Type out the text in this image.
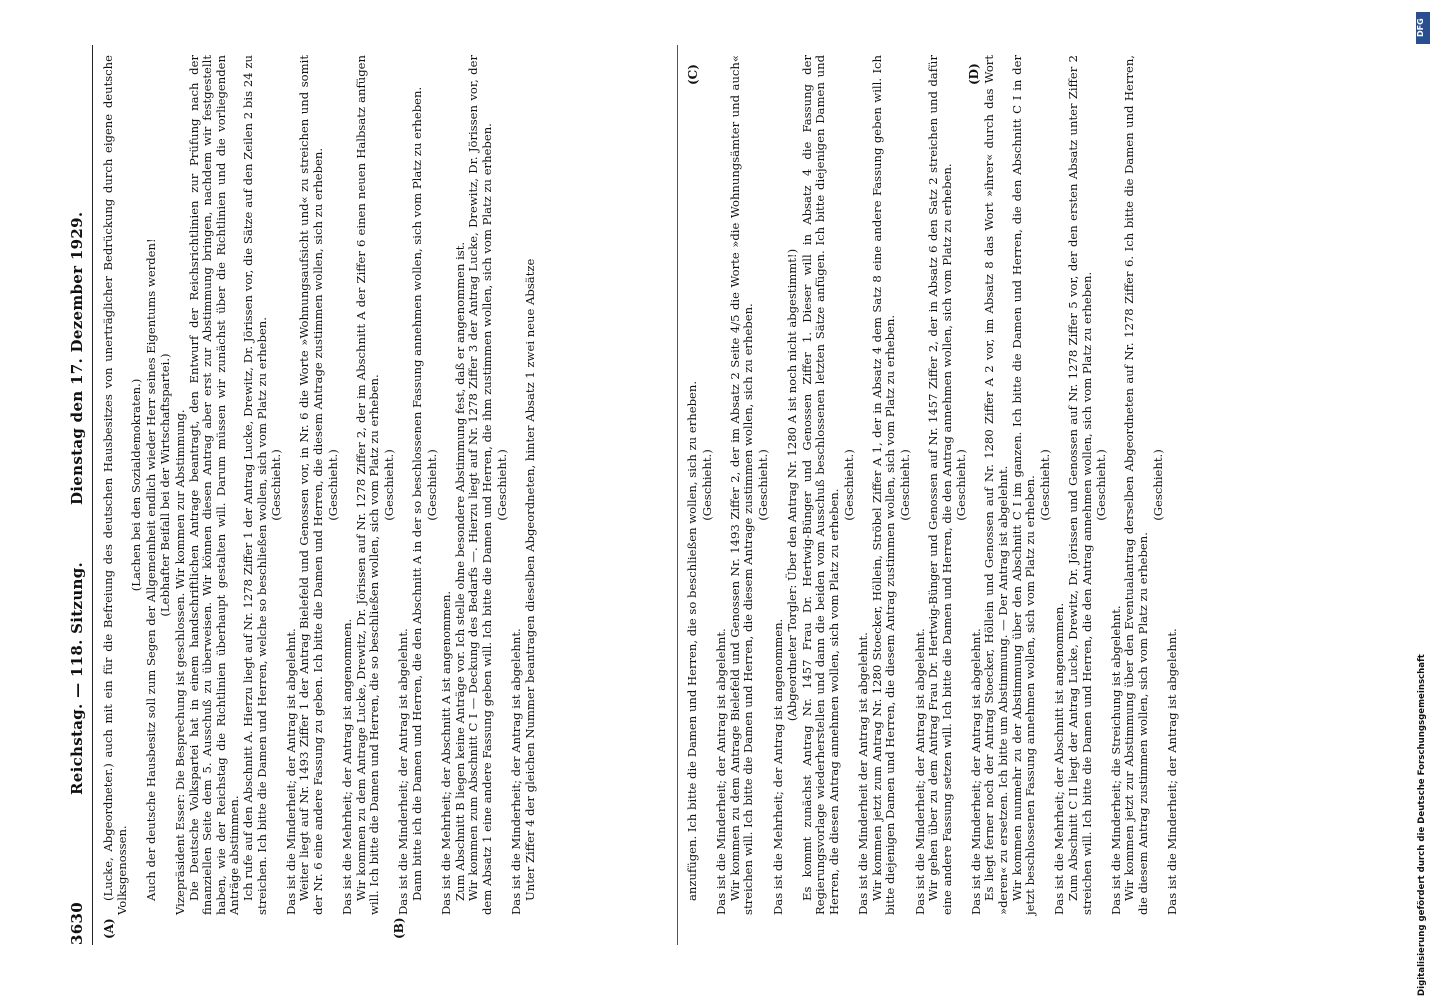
3630
Reichstag. — 118. Sitzung.
Dienstag den 17. Dezember 1929.
(A)	(B)
(C)	(D)

(Lucke, Abgeordneter.) auch mit ein für die Befreiung des deutschen Hausbesitzes von unerträglicher Bedrückung durch eigene deutsche Volksgenossen.

(Lachen bei den Sozialdemokraten.) Auch der deutsche Hausbesitz soll zum Segen der Allgemeinheit endlich wieder Herr seines Eigentums werden! (Lebhafter Beifall bei der Wirtschaftspartei.) Vizepräsident Esser: Die Besprechung ist geschlossen. Wir kommen zur Abstimmung. Die Deutsche Volkspartei hat in einem handschriftlichen Antrage beantragt, den Entwurf der Reichsrichtlinien zur Prüfung nach der finanziellen Seite dem 5. Ausschuß zu überweisen. Wir können diesen Antrag aber erst zur Abstimmung bringen, nachdem wir festgestellt haben, wie der Reichstag die Richtlinien überhaupt gestalten will. Darum müssen wir zunächst über die Richtlinien und die vorliegenden Anträge abstimmen. Ich rufe auf den Abschnitt A. Hierzu liegt auf Nr. 1278 Ziffer 1 der Antrag Lucke, Drewitz, Dr. Jörissen vor, die Sätze auf den Zeilen 2 bis 24 zu streichen. Ich bitte die Damen und Herren, welche so beschließen wollen, sich vom Platz zu erheben. (Geschieht.)

Das ist die Minderheit; der Antrag ist abgelehnt. Weiter liegt auf Nr. 1493 Ziffer 1 der Antrag Bielefeld und Genossen vor, in Nr. 6 die Worte »Wohnungsaufsicht und« zu streichen und somit der Nr. 6 eine andere Fassung zu geben. Ich bitte die Damen und Herren, die diesem Antrage zustimmen wollen, sich zu erheben. (Geschieht.)

Das ist die Mehrheit; der Antrag ist angenommen. Wir kommen zu dem Antrage Lucke, Drewitz, Dr. Jörissen auf Nr. 1278 Ziffer 2, der im Abschnitt A der Ziffer 6 einen neuen Halbsatz anfügen will. Ich bitte die Damen und Herren, die so beschließen wollen, sich vom Platz zu erheben. (Geschieht.)

Das ist die Minderheit; der Antrag ist abgelehnt. Dann bitte ich die Damen und Herren, die den Abschnitt A in der so beschlossenen Fassung annehmen wollen, sich vom Platz zu erheben. (Geschieht.)

Das ist die Mehrheit; der Abschnitt A ist angenommen. Zum Abschnitt B liegen keine Anträge vor. Ich stelle ohne besondere Abstimmung fest, daß er angenommen ist. Wir kommen zum Abschnitt C I — Deckung des Bedarfs —. Hierzu liegt auf Nr. 1278 Ziffer 3 der Antrag Lucke, Drewitz, Dr. Jörissen vor, der dem Absatz 1 eine andere Fassung geben will. Ich bitte die Damen und Herren, die ihm zustimmen wollen, sich vom Platz zu erheben. (Geschieht.)

Das ist die Minderheit; der Antrag ist abgelehnt. Unter Ziffer 4 der gleichen Nummer beantragen dieselben Abgeordneten, hinter Absatz 1 zwei neue Absätze	anzufügen. Ich bitte die Damen und Herren, die so beschließen wollen, sich zu erheben. (Geschieht.)

Das ist die Minderheit; der Antrag ist abgelehnt. Wir kommen zu dem Antrage Bielefeld und Genossen Nr. 1493 Ziffer 2, der im Absatz 2 Seite 4/5 die Worte »die Wohnungsämter und auch« streichen will. Ich bitte die Damen und Herren, die diesem Antrage zustimmen wollen, sich zu erheben. (Geschieht.)

Das ist die Mehrheit; der Antrag ist angenommen.

(Abgeordneter Torgler: Über den Antrag Nr. 1280 A ist noch nicht abgestimmt!) Es kommt zunächst Antrag Nr. 1457 Frau Dr. Hertwig-Bünger und Genossen Ziffer 1. Dieser will in Absatz 4 die Fassung der Regierungsvorlage wiederherstellen und dann die beiden vom Ausschuß beschlossenen letzten Sätze anfügen. Ich bitte diejenigen Damen und Herren, die diesen Antrag annehmen wollen, sich vom Platz zu erheben.

(Geschieht.)

Das ist die Minderheit der Antrag ist abgelehnt. Wir kommen jetzt zum Antrag Nr. 1280 Stoecker, Höllein, Ströbel Ziffer A 1, der in Absatz 4 dem Satz 8 eine andere Fassung geben will. Ich bitte diejenigen Damen und Herren, die diesem Antrag zustimmen wollen, sich vom Platz zu erheben. (Geschieht.)

Das ist die Minderheit; der Antrag ist abgelehnt. Wir gehen über zu dem Antrag Frau Dr. Hertwig-Bünger und Genossen auf Nr. 1457 Ziffer 2, der in Absatz 6 den Satz 2 streichen und dafür eine andere Fassung setzen will. Ich bitte die Damen und Herren, die den Antrag annehmen wollen, sich vom Platz zu erheben. (Geschieht.)

Das ist die Minderheit; der Antrag ist abgelehnt. Es liegt ferner noch der Antrag Stoecker, Höllein und Genossen auf Nr. 1280 Ziffer A 2 vor, im Absatz 8 das Wort »ihrer« durch das Wort »deren« zu ersetzen. Ich bitte um Abstimmung. — Der Antrag ist abgelehnt. Wir kommen nunmehr zu der Abstimmung über den Abschnitt C I im ganzen. Ich bitte die Damen und Herren, die den Abschnitt C I in der jetzt beschlossenen Fassung annehmen wollen, sich vom Platz zu erheben. (Geschieht.)

Das ist die Mehrheit; der Abschnitt ist angenommen. Zum Abschnitt C II liegt der Antrag Lucke, Drewitz, Dr. Jörissen und Genossen auf Nr. 1278 Ziffer 5 vor, der den ersten Absatz unter Ziffer 2 streichen will. Ich bitte die Damen und Herren, die den Antrag annehmen wollen, sich vom Platz zu erheben. (Geschieht.)

Das ist die Minderheit; die Streichung ist abgelehnt. Wir kommen jetzt zur Abstimmung über den Eventualantrag derselben Abgeordneten auf Nr. 1278 Ziffer 6. Ich bitte die Damen und Herren, die diesem Antrag zustimmen wollen, sich vom Platz zu erheben.

(Geschieht.)

Das ist die Minderheit; der Antrag ist abgelehnt.

DFG
Digitalisierung gefördert durch die Deutsche Forschungsgemeinschaft
